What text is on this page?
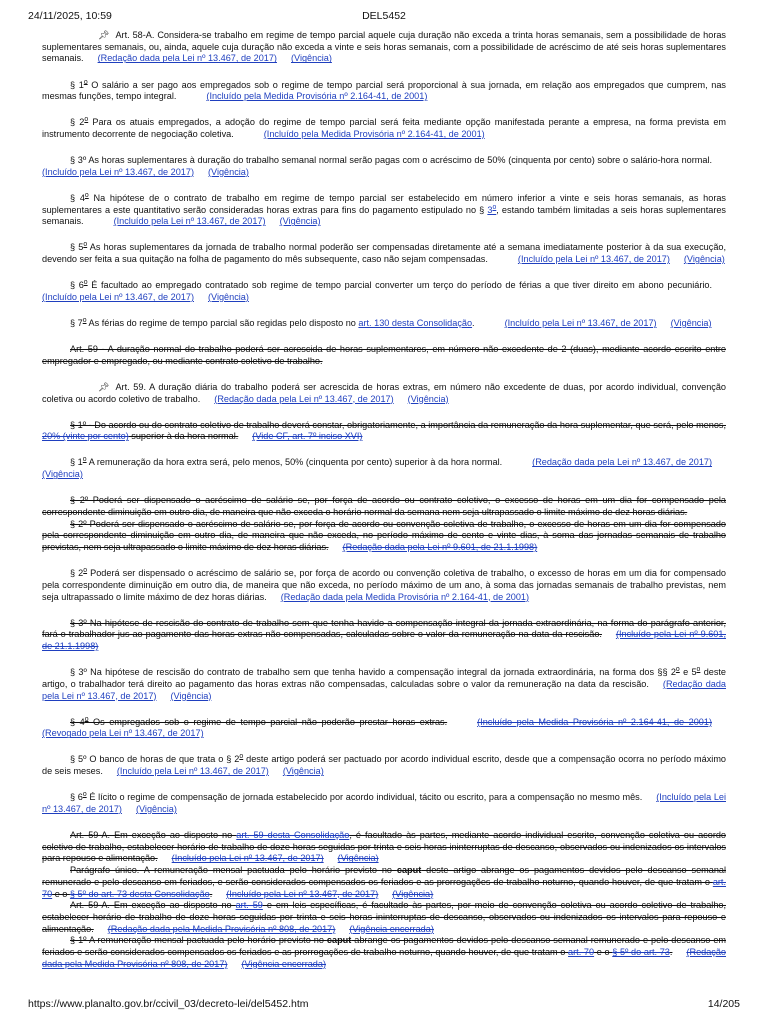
24/11/2025, 10:59	DEL5452

📌︎ Art. 58-A. Considera-se trabalho em regime de tempo parcial aquele cuja duração não exceda a trinta horas semanais, sem a possibilidade de horas suplementares semanais, ou, ainda, aquele cuja duração não exceda a vinte e seis horas semanais, com a possibilidade de acréscimo de até seis horas suplementares semanais. (Redação dada pela Lei nº 13.467, de 2017) (Vigência)

§ 1$^o$ O salário a ser pago aos empregados sob o regime de tempo parcial será proporcional à sua jornada, em relação aos empregados que cumprem, nas mesmas funções, tempo integral.	(Incluído pela Medida Provisória nº 2.164-41, de 2001)

§ 2$^o$ Para os atuais empregados, a adoção do regime de tempo parcial será feita mediante opção manifestada perante a empresa, na forma prevista em instrumento decorrente de negociação coletiva.	(Incluído pela Medida Provisória nº 2.164-41, de 2001)

§ 3º As horas suplementares à duração do trabalho semanal normal serão pagas com o acréscimo de 50% (cinquenta por cento) sobre o salário-hora normal.(Incluído pela Lei nº 13.467, de 2017) (Vigência)

§ 4$^o$ Na hipótese de o contrato de trabalho em regime de tempo parcial ser estabelecido em número inferior a vinte e seis horas semanais, as horas suplementares a este quantitativo serão consideradas horas extras para fins do pagamento estipulado no § 3$^o$, estando também limitadas a seis horas suplementares semanais.	(Incluído pela Lei nº 13.467, de 2017) (Vigência)

§ 5$^o$ As horas suplementares da jornada de trabalho normal poderão ser compensadas diretamente até a semana imediatamente posterior à da sua execução, devendo ser feita a sua quitação na folha de pagamento do mês subsequente, caso não sejam compensadas.	(Incluído pela Lei nº 13.467, de 2017) (Vigência)

§ 6$^o$ É facultado ao empregado contratado sob regime de tempo parcial converter um terço do período de férias a que tiver direito em abono pecuniário.(Incluído pela Lei nº 13.467, de 2017) (Vigência)

§ 7$^o$ As férias do regime de tempo parcial são regidas pelo disposto no art. 130 desta Consolidação.	(Incluído pela Lei nº 13.467, de 2017) (Vigência)

Art. 59 - A duração normal do trabalho poderá ser acrescida de horas suplementares, em número não excedente de 2 (duas), mediante acordo escrito entre empregador e empregado, ou mediante contrato coletivo de trabalho.

📌︎ Art. 59. A duração diária do trabalho poderá ser acrescida de horas extras, em número não excedente de duas, por acordo individual, convenção coletiva ou acordo coletivo de trabalho. (Redação dada pela Lei nº 13.467, de 2017) (Vigência)

§ 1º - Do acordo ou do contrato coletivo de trabalho deverá constar, obrigatoriamente, a importância da remuneração da hora suplementar, que será, pelo menos, 20% (vinte por cento) superior à da hora normal. (Vide CF, art. 7º inciso XVI)

§ 1$^o$ A remuneração da hora extra será, pelo menos, 50% (cinquenta por cento) superior à da hora normal.	(Redação dada pela Lei nº 13.467, de 2017)(Vigência)

§ 2º Poderá ser dispensado o acréscimo de salário se, por força de acordo ou contrato coletivo, o excesso de horas em um dia for compensado pela correspondente diminuição em outro dia, de maneira que não exceda o horário normal da semana nem seja ultrapassado o limite máximo de dez horas diárias.

§ 2º Poderá ser dispensado o acréscimo de salário se, por força de acordo ou convenção coletiva de trabalho, o excesso de horas em um dia for compensado pela correspondente diminuição em outro dia, de maneira que não exceda, no período máximo de cento e vinte dias, à soma das jornadas semanais de trabalho previstas, nem seja ultrapassado o limite máximo de dez horas diárias. (Redação dada pela Lei nº 9.601, de 21.1.1998)

§ 2$^o$ Poderá ser dispensado o acréscimo de salário se, por força de acordo ou convenção coletiva de trabalho, o excesso de horas em um dia for compensado pela correspondente diminuição em outro dia, de maneira que não exceda, no período máximo de um ano, à soma das jornadas semanais de trabalho previstas, nem seja ultrapassado o limite máximo de dez horas diárias. (Redação dada pela Medida Provisória nº 2.164-41, de 2001)

§ 3º Na hipótese de rescisão do contrato de trabalho sem que tenha havido a compensação integral da jornada extraordinária, na forma do parágrafo anterior, fará o trabalhador jus ao pagamento das horas extras não compensadas, calculadas sobre o valor da remuneração na data da rescisão. (Incluído pela Lei nº 9.601, de 21.1.1998)

§ 3º Na hipótese de rescisão do contrato de trabalho sem que tenha havido a compensação integral da jornada extraordinária, na forma dos §§ 2$^o$ e 5$^o$ deste artigo, o trabalhador terá direito ao pagamento das horas extras não compensadas, calculadas sobre o valor da remuneração na data da rescisão. (Redação dada pela Lei nº 13.467, de 2017) (Vigência)

§ 4$^o$ Os empregados sob o regime de tempo parcial não poderão prestar horas extras.	(Incluído pela Medida Provisória nº 2.164-41, de 2001)(Revogado pela Lei nº 13.467, de 2017)

§ 5º O banco de horas de que trata o § 2$^o$ deste artigo poderá ser pactuado por acordo individual escrito, desde que a compensação ocorra no período máximo de seis meses. (Incluído pela Lei nº 13.467, de 2017) (Vigência)

§ 6$^o$ É lícito o regime de compensação de jornada estabelecido por acordo individual, tácito ou escrito, para a compensação no mesmo mês. (Incluído pela Lei nº 13.467, de 2017) (Vigência)

Art. 59-A. Em exceção ao disposto no art. 59 desta Consolidação, é facultado às partes, mediante acordo individual escrito, convenção coletiva ou acordo coletivo de trabalho, estabelecer horário de trabalho de doze horas seguidas por trinta e seis horas ininterruptas de descanso, observados ou indenizados os intervalos para repouso e alimentação. (Incluído pela Lei nº 13.467, de 2017) (Vigência)

Parágrafo único. A remuneração mensal pactuada pelo horário previsto no caput deste artigo abrange os pagamentos devidos pelo descanso semanal remunerado e pelo descanso em feriados, e serão considerados compensados os feriados e as prorrogações de trabalho noturno, quando houver, de que tratam o art. 70 e o § 5º do art. 73 desta Consolidação. (Incluído pela Lei nº 13.467, de 2017) (Vigência)

Art. 59-A. Em exceção ao disposto no art. 59 e em leis específicas, é facultado às partes, por meio de convenção coletiva ou acordo coletivo de trabalho, estabelecer horário de trabalho de doze horas seguidas por trinta e seis horas ininterruptas de descanso, observados ou indenizados os intervalos para repouso e alimentação. (Redação dada pela Medida Provisória nº 808, de 2017) (Vigência encerrada)

§ 1º A remuneração mensal pactuada pelo horário previsto no caput abrange os pagamentos devidos pelo descanso semanal remunerado e pelo descanso em feriados e serão considerados compensados os feriados e as prorrogações de trabalho noturno, quando houver, de que tratam o art. 70 e o § 5º do art. 73. (Redação dada pela Medida Provisória nº 808, de 2017) (Vigência encerrada)

https://www.planalto.gov.br/ccivil_03/decreto-lei/del5452.htm	14/205
